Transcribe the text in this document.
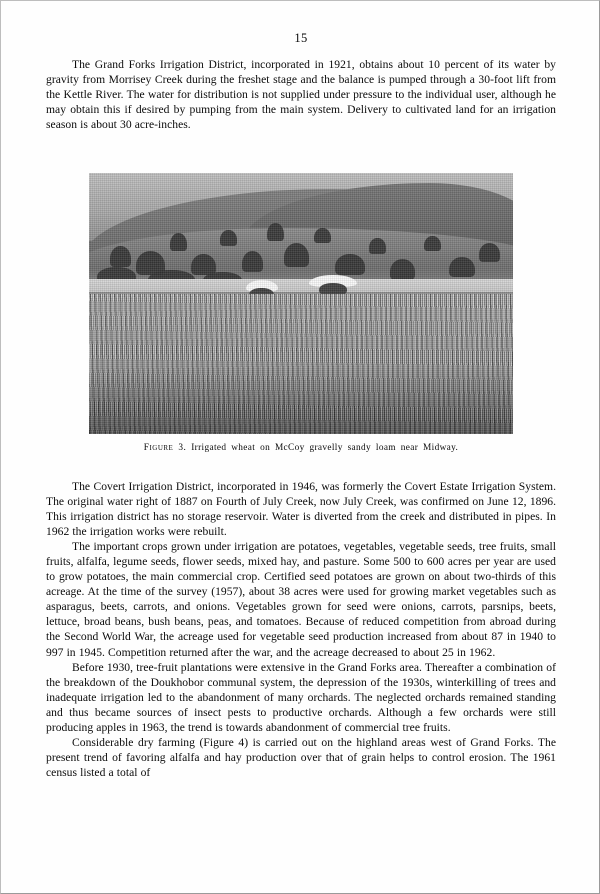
15

The Grand Forks Irrigation District, incorporated in 1921, obtains about 10 percent of its water by gravity from Morrisey Creek during the freshet stage and the balance is pumped through a 30-foot lift from the Kettle River. The water for distribution is not supplied under pressure to the individual user, although he may obtain this if desired by pumping from the main system. Delivery to cultivated land for an irrigation season is about 30 acre-inches.

Figure 3. Irrigated wheat on McCoy gravelly sandy loam near Midway.

The Covert Irrigation District, incorporated in 1946, was formerly the Covert Estate Irrigation System. The original water right of 1887 on Fourth of July Creek, now July Creek, was confirmed on June 12, 1896. This irrigation district has no storage reservoir. Water is diverted from the creek and distributed in pipes. In 1962 the irrigation works were rebuilt.

The important crops grown under irrigation are potatoes, vegetables, vegetable seeds, tree fruits, small fruits, alfalfa, legume seeds, flower seeds, mixed hay, and pasture. Some 500 to 600 acres per year are used to grow potatoes, the main commercial crop. Certified seed potatoes are grown on about two-thirds of this acreage. At the time of the survey (1957), about 38 acres were used for growing market vegetables such as asparagus, beets, carrots, and onions. Vegetables grown for seed were onions, carrots, parsnips, beets, lettuce, broad beans, bush beans, peas, and tomatoes. Because of reduced competition from abroad during the Second World War, the acreage used for vegetable seed production increased from about 87 in 1940 to 997 in 1945. Competition returned after the war, and the acreage decreased to about 25 in 1962.

Before 1930, tree-fruit plantations were extensive in the Grand Forks area. Thereafter a combination of the breakdown of the Doukhobor communal system, the depression of the 1930s, winterkilling of trees and inadequate irrigation led to the abandonment of many orchards. The neglected orchards remained standing and thus became sources of insect pests to productive orchards. Although a few orchards were still producing apples in 1963, the trend is towards abandonment of commercial tree fruits.

Considerable dry farming (Figure 4) is carried out on the highland areas west of Grand Forks. The present trend of favoring alfalfa and hay production over that of grain helps to control erosion. The 1961 census listed a total of
